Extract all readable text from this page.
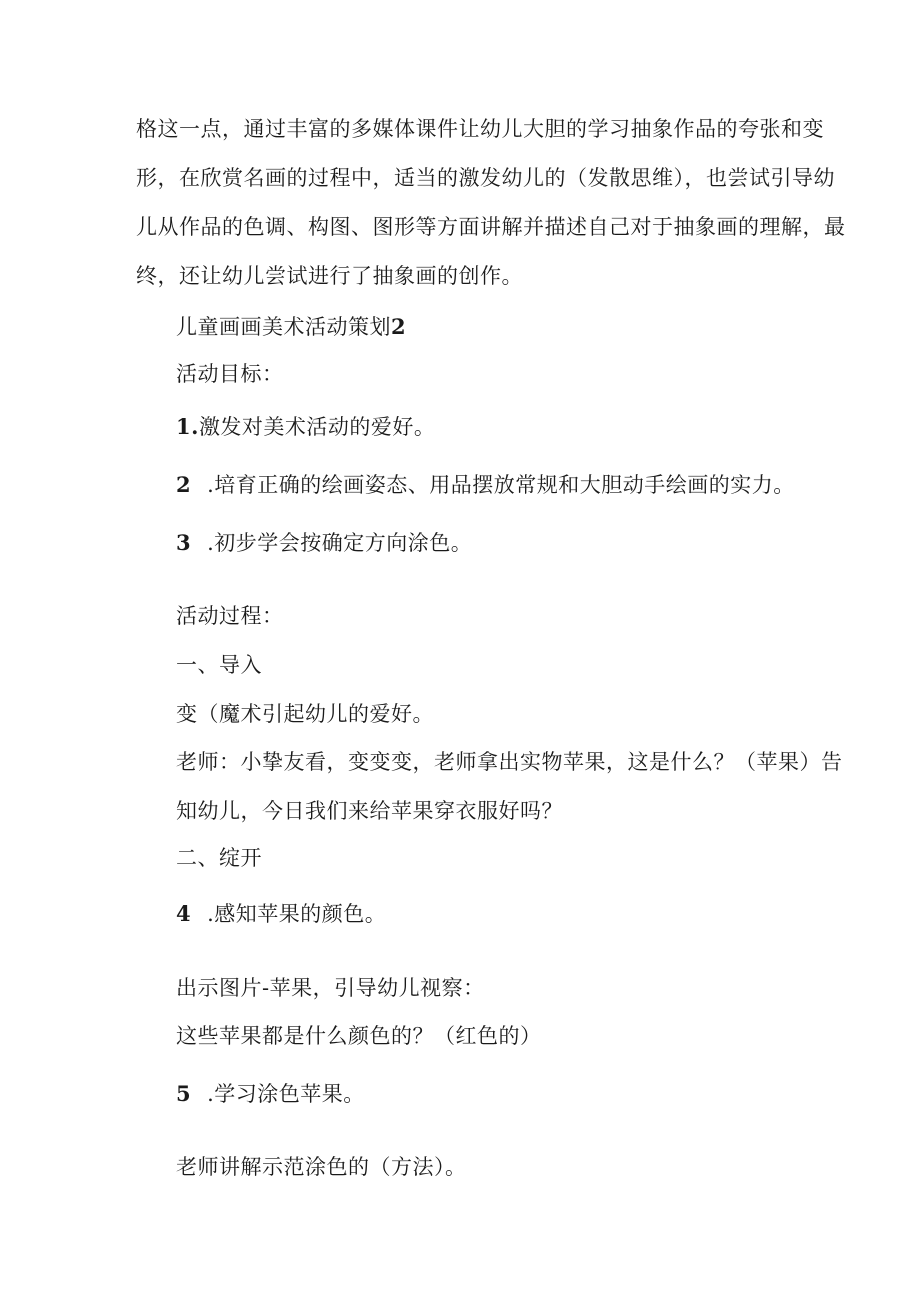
格这一点，通过丰富的多媒体课件让幼儿大胆的学习抽象作品的夸张和变
形，在欣赏名画的过程中，适当的激发幼儿的（发散思维），也尝试引导幼
儿从作品的色调、构图、图形等方面讲解并描述自己对于抽象画的理解，最
终，还让幼儿尝试进行了抽象画的创作。
儿童画画美术活动策划2
活动目标：
1.激发对美术活动的爱好。
2 .培育正确的绘画姿态、用品摆放常规和大胆动手绘画的实力。
3 .初步学会按确定方向涂色。
活动过程：
一、导入
变（魔术引起幼儿的爱好。
老师：小挚友看，变变变，老师拿出实物苹果，这是什么？（苹果）告
知幼儿，今日我们来给苹果穿衣服好吗？
二、绽开
4 .感知苹果的颜色。
出示图片-苹果，引导幼儿视察：
这些苹果都是什么颜色的？（红色的）
5 .学习涂色苹果。
老师讲解示范涂色的（方法）。
